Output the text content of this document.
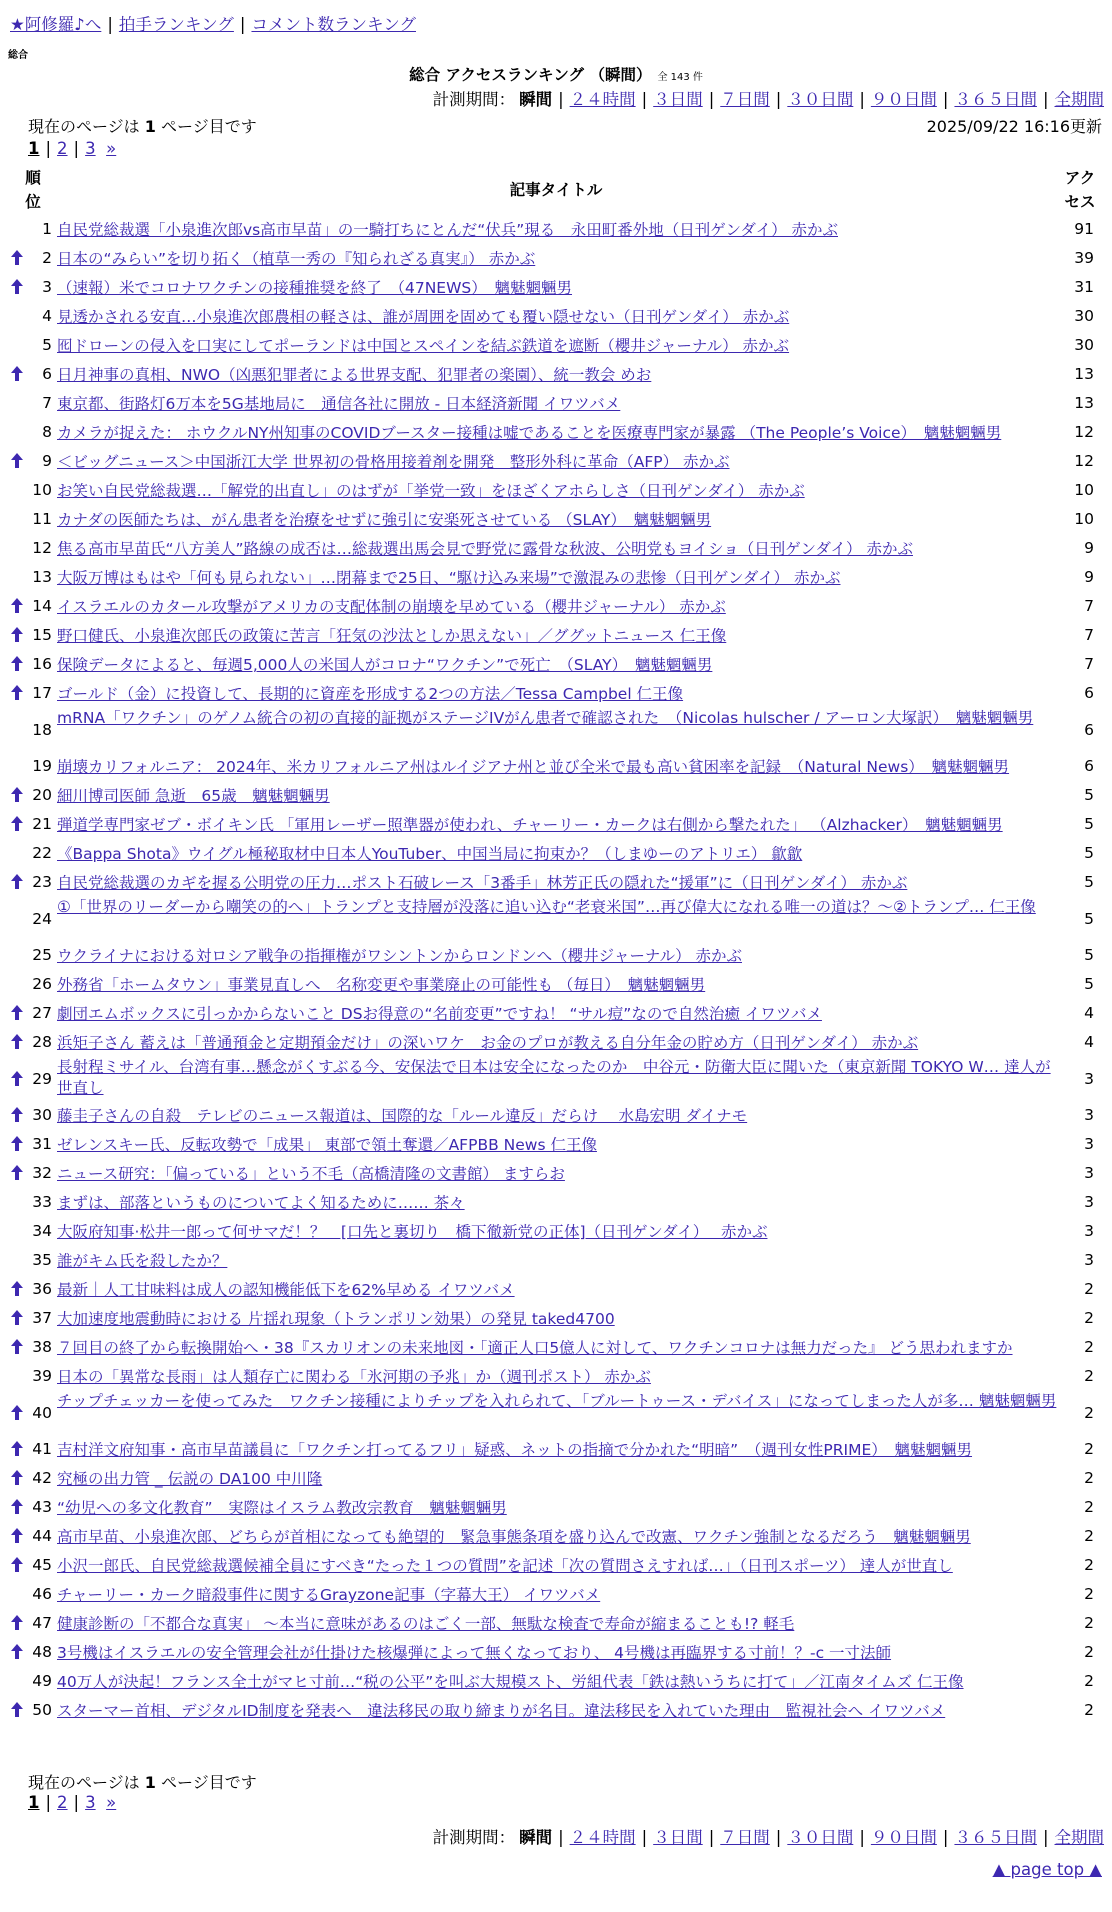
★阿修羅♪へ | 拍手ランキング | コメント数ランキング
総合
総合 アクセスランキング （瞬間） 全 143 件
計測期間： 瞬間 | ２４時間 | ３日間 | ７日間 | ３０日間 | ９０日間 | ３６５日間 | 全期間
現在のページは 1 ページ目です	2025/09/22 16:16更新
1 | 2 | 3 »
順位
記事タイトル
アクセス
1 自民党総裁選「小泉進次郎vs高市早苗」の一騎打ちにとんだ“伏兵”現る　永田町番外地（日刊ゲンダイ） 赤かぶ	91
2 日本の“みらい”を切り拓く（植草一秀の『知られざる真実』） 赤かぶ	39
3 （速報）米でコロナワクチンの接種推奨を終了　（47NEWS）　魑魅魍魎男	31
4 見透かされる安直…小泉進次郎農相の軽さは、誰が周囲を固めても覆い隠せない（日刊ゲンダイ） 赤かぶ	30
5 囮ドローンの侵入を口実にしてポーランドは中国とスペインを結ぶ鉄道を遮断（櫻井ジャーナル） 赤かぶ	30
6 日月神事の真相、NWO（凶悪犯罪者による世界支配、犯罪者の楽園）、統一教会 めお	13
7 東京都、街路灯6万本を5G基地局に　通信各社に開放 - 日本経済新聞 イワツバメ	13
8 カメラが捉えた： ホウクルNY州知事のCOVIDブースター接種は嘘であることを医療専門家が暴露 （The People’s Voice）　魑魅魍魎男	12
9 ＜ビッグニュース＞中国浙江大学 世界初の骨格用接着剤を開発　整形外科に革命（AFP） 赤かぶ	12
10 お笑い自民党総裁選…「解党的出直し」のはずが「挙党一致」をほざくアホらしさ（日刊ゲンダイ） 赤かぶ	10
11 カナダの医師たちは、がん患者を治療をせずに強引に安楽死させている （SLAY）　魑魅魍魎男	10
12 焦る高市早苗氏“八方美人”路線の成否は…総裁選出馬会見で野党に露骨な秋波、公明党もヨイショ（日刊ゲンダイ） 赤かぶ	9
13 大阪万博はもはや「何も見られない」…閉幕まで25日、“駆け込み来場”で激混みの悲惨（日刊ゲンダイ） 赤かぶ	9
14 イスラエルのカタール攻撃がアメリカの支配体制の崩壊を早めている（櫻井ジャーナル） 赤かぶ	7
15 野口健氏、小泉進次郎氏の政策に苦言「狂気の沙汰としか思えない」／ググットニュース 仁王像	7
16 保険データによると、毎週5,000人の米国人がコロナ“ワクチン”で死亡　（SLAY）　魑魅魍魎男	7
17 ゴールド（金）に投資して、長期的に資産を形成する2つの方法／Tessa Campbel 仁王像	6
18
mRNA「ワクチン」のゲノム統合の初の直接的証拠がステージIVがん患者で確認された　（Nicolas hulscher / アーロン大塚訳）　魑魅魍魎男
6
19 崩壊カリフォルニア： 2024年、米カリフォルニア州はルイジアナ州と並び全米で最も高い貧困率を記録　（Natural News）　魑魅魍魎男	6
20 細川博司医師 急逝　65歳　魑魅魍魎男	5
21 弾道学専門家ゼブ・ボイキン氏 「軍用レーザー照準器が使われ、チャーリー・カークは右側から撃たれた」 （Alzhacker）　魑魅魍魎男	5
22 《Bappa Shota》ウイグル極秘取材中日本人YouTuber、中国当局に拘束か？（しまゆーのアトリエ） 歙歙	5
23 自民党総裁選のカギを握る公明党の圧力…ポスト石破レース「3番手」林芳正氏の隠れた“援軍”に（日刊ゲンダイ） 赤かぶ	5
24
①「世界のリーダーから嘲笑の的へ」トランプと支持層が没落に追い込む“老衰米国”…再び偉大になれる唯一の道は？～②トランプ… 仁王像
5
25 ウクライナにおける対ロシア戦争の指揮権がワシントンからロンドンへ（櫻井ジャーナル） 赤かぶ	5
26 外務省「ホームタウン」事業見直しへ　名称変更や事業廃止の可能性も （毎日）　魑魅魍魎男	5
27 劇団エムボックスに引っかからないこと DSお得意の“名前変更”ですね！ “サル痘”なので自然治癒 イワツバメ	4
28 浜矩子さん 蓄えは「普通預金と定期預金だけ」の深いワケ　お金のプロが教える自分年金の貯め方（日刊ゲンダイ） 赤かぶ	4
29
長射程ミサイル、台湾有事…懸念がくすぶる今、安保法で日本は安全になったのか　中谷元・防衛大臣に聞いた（東京新聞 TOKYO W… 達人が世直し	3
30 藤圭子さんの自殺　テレビのニュース報道は、国際的な「ルール違反」だらけ　 水島宏明 ダイナモ	3
31 ゼレンスキー氏、反転攻勢で「成果」 東部で領土奪還／AFPBB News 仁王像	3
32 ニュース研究：「偏っている」という不毛（高橋清隆の文書館） ますらお	3
33 まずは、部落というものについてよく知るために…… 茶々	3
34 大阪府知事·松井一郎って何サマだ！？　[口先と裏切り　橋下徹新党の正体]（日刊ゲンダイ）　 赤かぶ	3
35 誰がキム氏を殺したか？	3
36 最新｜人工甘味料は成人の認知機能低下を62%早める イワツバメ	2
37 大加速度地震動時における 片揺れ現象（トランポリン効果）の発見 taked4700	2
38 ７回目の終了から転換開始へ・38『スカリオンの未来地図・「適正人口5億人に対して、ワクチンコロナは無力だった』 どう思われますか	2
39 日本の「異常な長雨」は人類存亡に関わる「氷河期の予兆」か（週刊ポスト） 赤かぶ	2
40
チップチェッカーを使ってみた　ワクチン接種によりチップを入れられて、「ブルートゥース・デバイス」になってしまった人が多… 魑魅魍魎男
2
41 吉村洋文府知事・高市早苗議員に「ワクチン打ってるフリ」疑惑、ネットの指摘で分かれた“明暗”　（週刊女性PRIME）　魑魅魍魎男	2
42 究極の出力管 _ 伝説の DA100 中川隆	2
43 “幼児への多文化教育”　実際はイスラム教改宗教育　魑魅魍魎男	2
44 高市早苗、小泉進次郎、どちらが首相になっても絶望的　緊急事態条項を盛り込んで改憲、ワクチン強制となるだろう　魑魅魍魎男	2
45 小沢一郎氏、自民党総裁選候補全員にすべき“たった１つの質問”を記述「次の質問さえすれば…」（日刊スポーツ） 達人が世直し	2
46 チャーリー・カーク暗殺事件に関するGrayzone記事（字幕大王） イワツバメ	2
47 健康診断の「不都合な真実」 ～本当に意味があるのはごく一部、無駄な検査で寿命が縮まることも!? 軽毛	2
48 3号機はイスラエルの安全管理会社が仕掛けた核爆弾によって無くなっており、 4号機は再臨界する寸前！？-c 一寸法師	2
49 40万人が決起！フランス全土がマヒ寸前…“税の公平”を叫ぶ大規模スト、労組代表「鉄は熱いうちに打て」／江南タイムズ 仁王像	2
50 スターマー首相、デジタルID制度を発表へ　違法移民の取り締まりが名目。違法移民を入れていた理由　監視社会へ イワツバメ	2
現在のページは 1 ページ目です
1 | 2 | 3 »
計測期間： 瞬間 | ２４時間 | ３日間 | ７日間 | ３０日間 | ９０日間 | ３６５日間 | 全期間
▲ page top ▲
